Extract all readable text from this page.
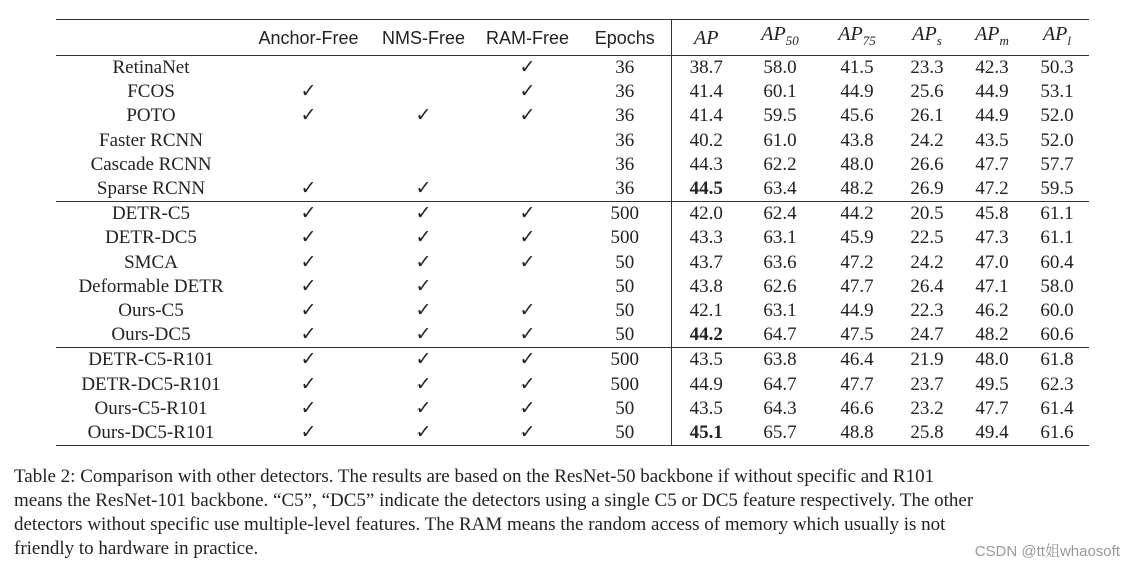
	Anchor-Free	NMS-Free	RAM-Free	Epochs	AP	$AP_{50}$	$AP_{75}$	$AP_s$	$AP_m$	$AP_l$
RetinaNet			✓	36	38.7	58.0	41.5	23.3	42.3	50.3
FCOS	✓		✓	36	41.4	60.1	44.9	25.6	44.9	53.1
POTO	✓	✓	✓	36	41.4	59.5	45.6	26.1	44.9	52.0
Faster RCNN				36	40.2	61.0	43.8	24.2	43.5	52.0
Cascade RCNN				36	44.3	62.2	48.0	26.6	47.7	57.7
Sparse RCNN	✓	✓		36	44.5	63.4	48.2	26.9	47.2	59.5
DETR-C5	✓	✓	✓	500	42.0	62.4	44.2	20.5	45.8	61.1
DETR-DC5	✓	✓	✓	500	43.3	63.1	45.9	22.5	47.3	61.1
SMCA	✓	✓	✓	50	43.7	63.6	47.2	24.2	47.0	60.4
Deformable DETR	✓	✓		50	43.8	62.6	47.7	26.4	47.1	58.0
Ours-C5	✓	✓	✓	50	42.1	63.1	44.9	22.3	46.2	60.0
Ours-DC5	✓	✓	✓	50	44.2	64.7	47.5	24.7	48.2	60.6
DETR-C5-R101	✓	✓	✓	500	43.5	63.8	46.4	21.9	48.0	61.8
DETR-DC5-R101	✓	✓	✓	500	44.9	64.7	47.7	23.7	49.5	62.3
Ours-C5-R101	✓	✓	✓	50	43.5	64.3	46.6	23.2	47.7	61.4
Ours-DC5-R101	✓	✓	✓	50	45.1	65.7	48.8	25.8	49.4	61.6
Table 2: Comparison with other detectors. The results are based on the ResNet-50 backbone if without specific and R101
means the ResNet-101 backbone. “C5”, “DC5” indicate the detectors using a single C5 or DC5 feature respectively. The other
detectors without specific use multiple-level features. The RAM means the random access of memory which usually is not
friendly to hardware in practice.	CSDN @tt姐whaosoft
